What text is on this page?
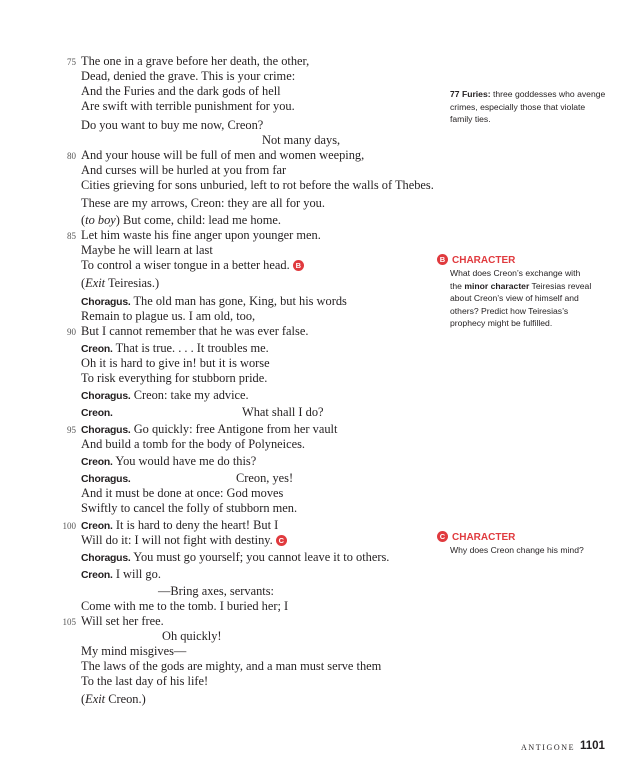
The one in a grave before her death, the other,
75
Dead, denied the grave. This is your crime:
And the Furies and the dark gods of hell
Are swift with terrible punishment for you.
Do you want to buy me now, Creon?
Not many days,
And your house will be full of men and women weeping,
80
And curses will be hurled at you from far
Cities grieving for sons unburied, left to rot before the walls of Thebes.
These are my arrows, Creon: they are all for you.
(to boy) But come, child: lead me home.
Let him waste his fine anger upon younger men.
85
Maybe he will learn at last
To control a wiser tongue in a better head. B
(Exit Teiresias.)
Choragus. The old man has gone, King, but his words
Remain to plague us. I am old, too,
But I cannot remember that he was ever false.
90
Creon. That is true. . . . It troubles me.
Oh it is hard to give in! but it is worse
To risk everything for stubborn pride.
Choragus. Creon: take my advice.
Creon.	What shall I do?
Choragus. Go quickly: free Antigone from her vault
95
And build a tomb for the body of Polyneices.
Creon. You would have me do this?
Choragus.	Creon, yes!
And it must be done at once: God moves
Swiftly to cancel the folly of stubborn men.
Creon. It is hard to deny the heart! But I
100
Will do it: I will not fight with destiny. C
Choragus. You must go yourself; you cannot leave it to others.
Creon. I will go.
—Bring axes, servants:
Come with me to the tomb. I buried her; I
Will set her free.
105
Oh quickly!
My mind misgives—
The laws of the gods are mighty, and a man must serve them
To the last day of his life!
(Exit Creon.)
77 Furies: three goddesses who avenge
crimes, especially those that violate
family ties.
B CHARACTER
What does Creon’s exchange with
the minor character Teiresias reveal
about Creon’s view of himself and
others? Predict how Teiresias’s
prophecy might be fulfilled.
C CHARACTER
Why does Creon change his mind?
ANTIGONE 1101
